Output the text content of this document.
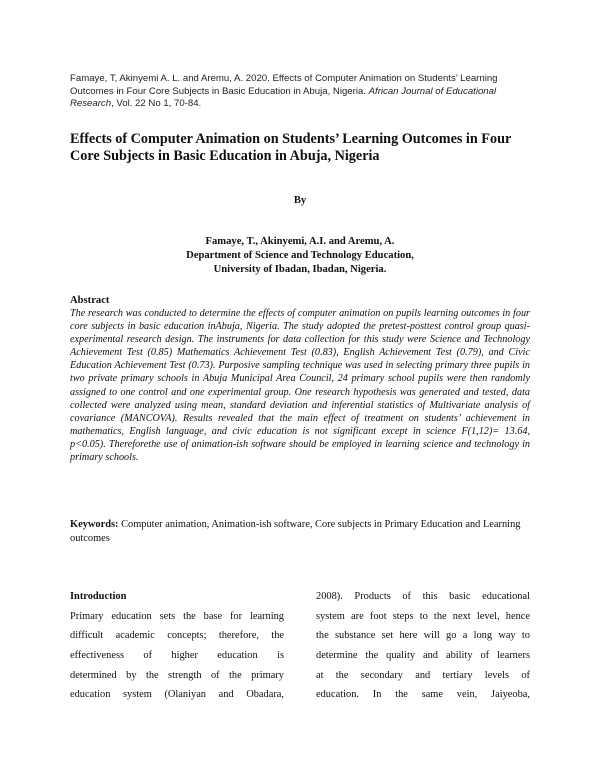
Famaye, T, Akinyemi A. L. and Aremu, A. 2020. Effects of Computer Animation on Students’ Learning Outcomes in Four Core Subjects in Basic Education in Abuja, Nigeria. African Journal of Educational Research, Vol. 22 No 1, 70-84.
Effects of Computer Animation on Students’ Learning Outcomes in Four Core Subjects in Basic Education in Abuja, Nigeria
By
Famaye, T., Akinyemi, A.I. and Aremu, A.
Department of Science and Technology Education,
University of Ibadan, Ibadan, Nigeria.
Abstract

The research was conducted to determine the effects of computer animation on pupils learning outcomes in four core subjects in basic education inAbuja, Nigeria. The study adopted the pretest-posttest control group quasi-experimental research design. The instruments for data collection for this study were Science and Technology Achievement Test (0.85) Mathematics Achievement Test (0.83), English Achievement Test (0.79), and Civic Education Achievement Test (0.73). Purposive sampling technique was used in selecting primary three pupils in two private primary schools in Abuja Municipal Area Council, 24 primary school pupils were then randomly assigned to one control and one experimental group. One research hypothesis was generated and tested, data collected were analyzed using mean, standard deviation and inferential statistics of Multivariate analysis of covariance (MANCOVA). Results revealed that the main effect of treatment on students’ achievement in mathematics, English language, and civic education is not significant except in science F(1,12)= 13.64, p<0.05). Thereforethe use of animation-ish software should be employed in learning science and technology in primary schools.

Keywords: Computer animation, Animation-ish software, Core subjects in Primary Education and Learning outcomes
Introduction
Primary education sets the base for learning
difficult academic concepts; therefore, the
effectiveness of higher education is
determined by the strength of the primary
education system (Olaniyan and Obadara,
2008). Products of this basic educational
system are foot steps to the next level, hence
the substance set here will go a long way to
determine the quality and ability of learners
at the secondary and tertiary levels of
education. In the same vein, Jaiyeoba,
